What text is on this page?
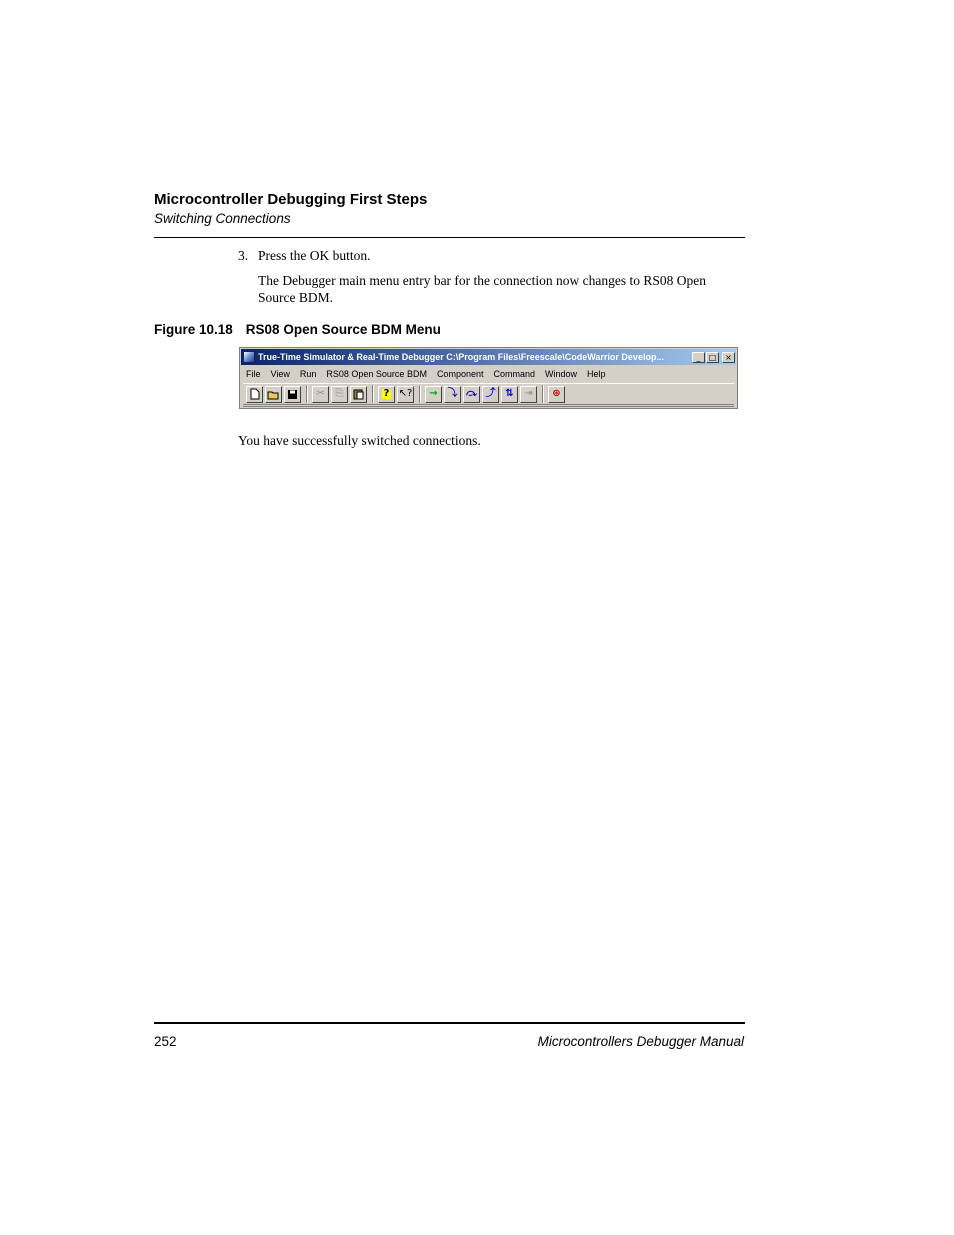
Microcontroller Debugging First Steps
Switching Connections
3. Press the OK button.
The Debugger main menu entry bar for the connection now changes to RS08 Open Source BDM.
Figure 10.18 RS08 Open Source BDM Menu
True-Time Simulator & Real-Time Debugger C:\Program Files\Freescale\CodeWarrior Develop...	_	□	×
File View Run RS08 Open Source BDM Component Command Window Help
✂	⎘	? ↖?	→ ⤵ ⤼ ⤴ ⇅	⇥	⊛
You have successfully switched connections.
252	Microcontrollers Debugger Manual
